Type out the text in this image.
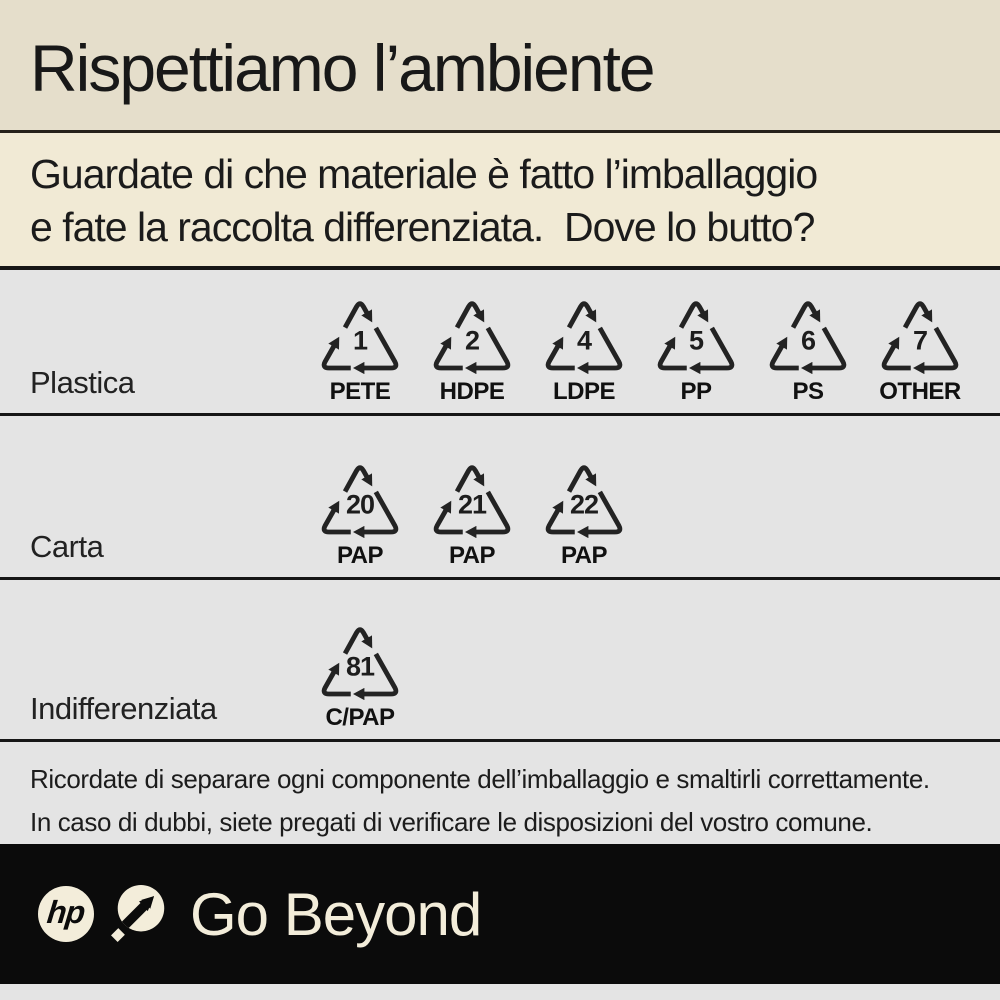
Rispettiamo l’ambiente

Guardate di che materiale è fatto l’imballaggio

e fate la raccolta differenziata.  Dove lo butto?

Plastica
1
PETE
2
HDPE
4
LDPE
5
PP
6
PS
7
OTHER
Carta
20
PAP
21
PAP
22
PAP
Indifferenziata
81
C/PAP

Ricordate di separare ogni componente dell’imballaggio e smaltirli correttamente.

In caso di dubbi, siete pregati di verificare le disposizioni del vostro comune.

hp Go Beyond
